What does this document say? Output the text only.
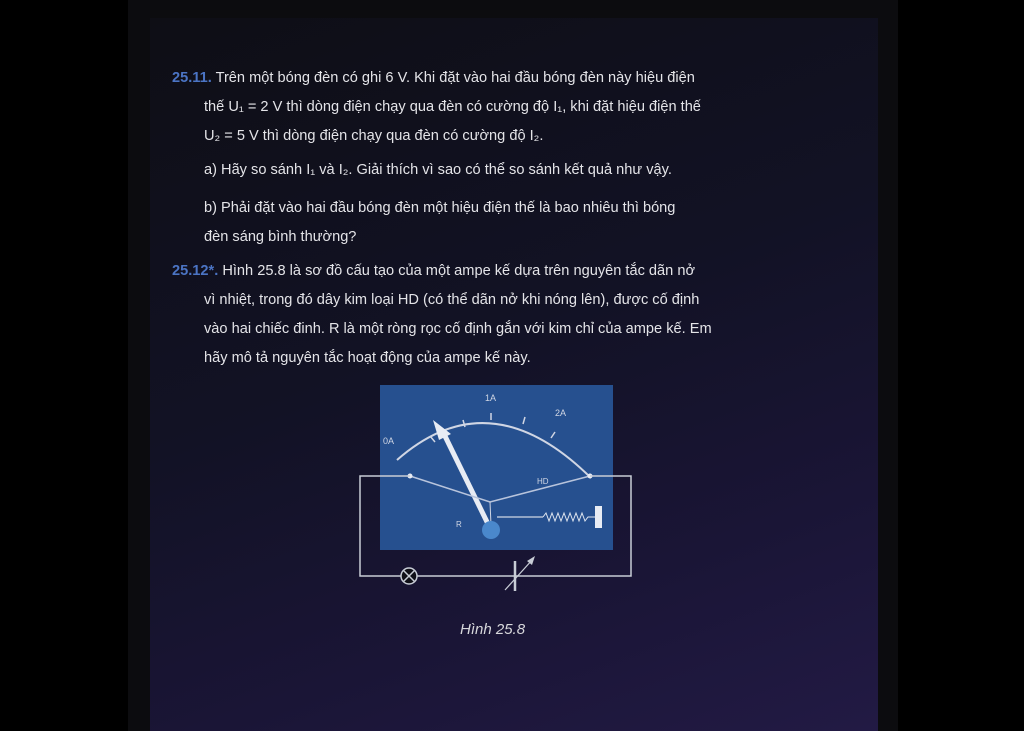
25.11. Trên một bóng đèn có ghi 6 V. Khi đặt vào hai đầu bóng đèn này hiệu điện
thế U₁ = 2 V thì dòng điện chạy qua đèn có cường độ I₁, khi đặt hiệu điện thế
U₂ = 5 V thì dòng điện chạy qua đèn có cường độ I₂.
a) Hãy so sánh I₁ và I₂. Giải thích vì sao có thể so sánh kết quả như vậy.
b) Phải đặt vào hai đầu bóng đèn một hiệu điện thế là bao nhiêu thì bóng
đèn sáng bình thường?
25.12*. Hình 25.8 là sơ đồ cấu tạo của một ampe kế dựa trên nguyên tắc dãn nở
vì nhiệt, trong đó dây kim loại HD (có thể dãn nở khi nóng lên), được cố định
vào hai chiếc đinh. R là một ròng rọc cố định gắn với kim chỉ của ampe kế. Em
hãy mô tả nguyên tắc hoạt động của ampe kế này.
0A
1A
2A
HD
R
Hình 25.8
